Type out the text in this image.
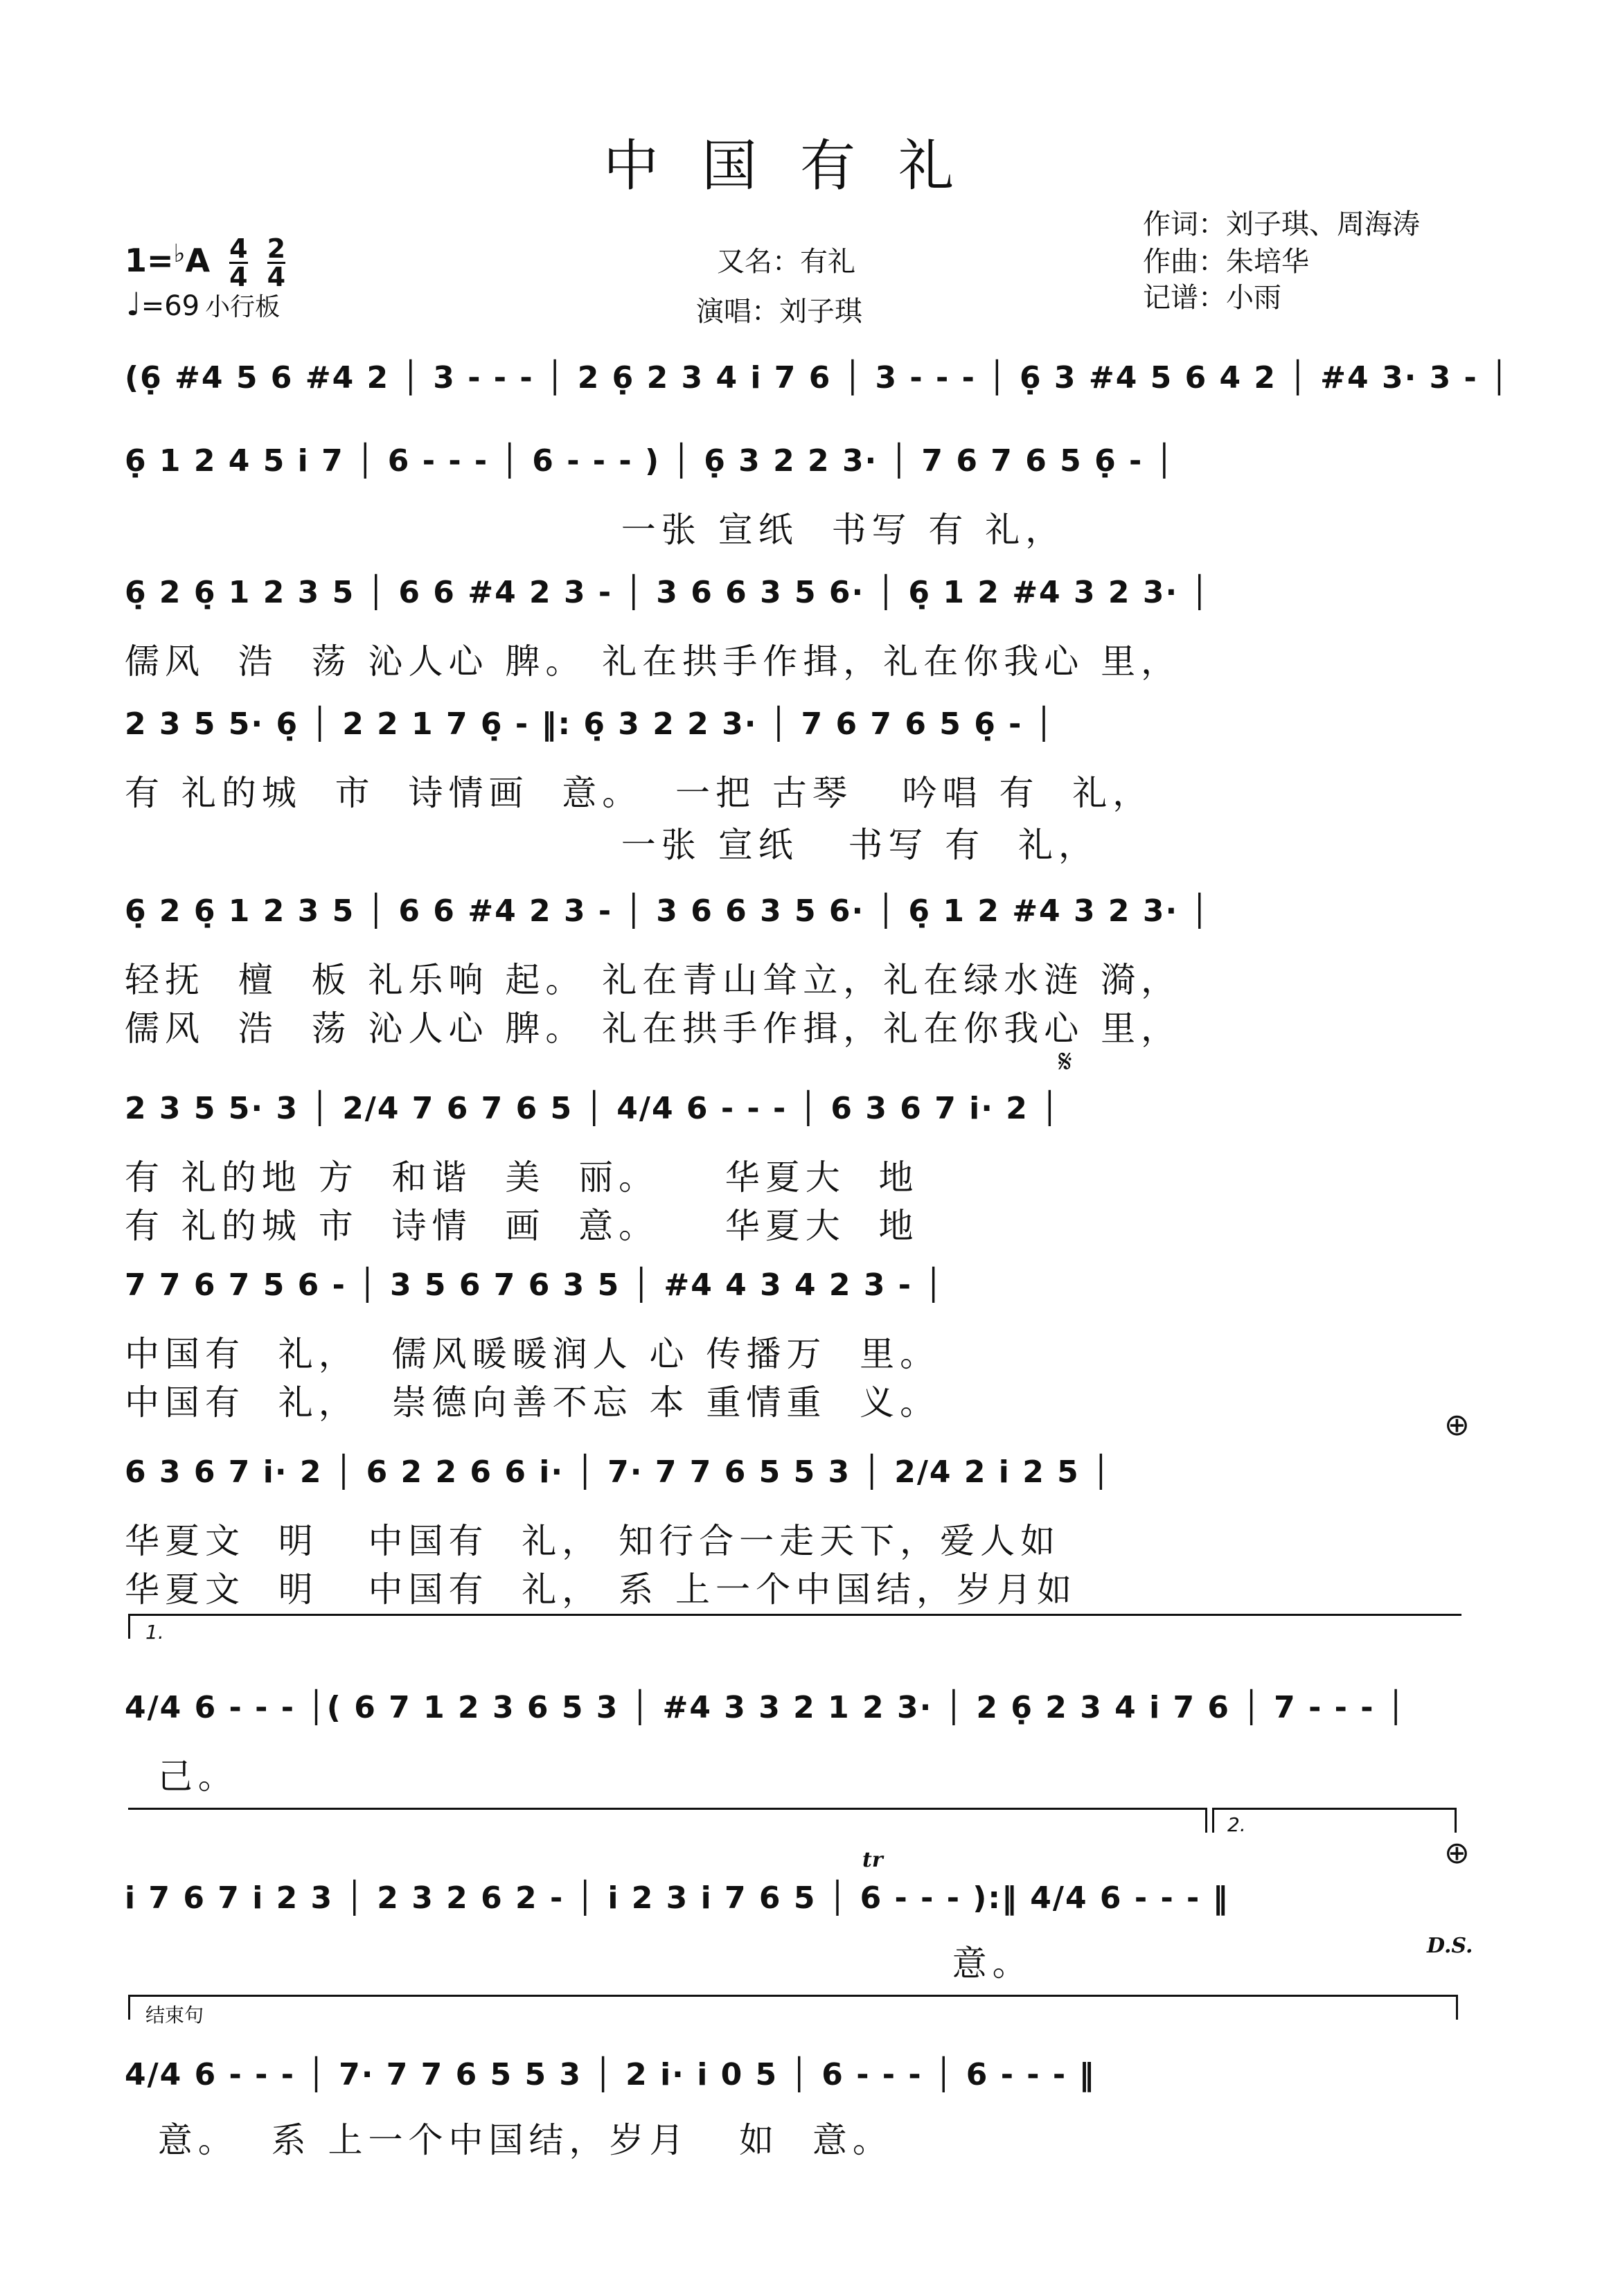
中国有礼
作词：刘子琪、周海涛
作曲：朱培华
记谱：小雨
又名：有礼
演唱：刘子琪
$1=^♭A \frac{4}{4}$
$\frac{2}{4}$
♩=69 小行板
(6̣ #4 5 6 #4 2 │ 3 - - - │ 2 6̣ 2 3 4 i 7 6 │ 3 - - - │ 6̣ 3 #4 5 6 4 2 │ #4 3· 3 - │
6̣ 1 2 4 5 i 7 │ 6 - - - │ 6 - - - ) │ 6̣ 3 2 2 3· │ 7 6 7 6 5 6̣ - │
一张 宣纸  书写 有 礼，
6̣ 2 6̣ 1 2 3 5 │ 6 6 #4 2 3 - │ 3 6 6 3 5 6· │ 6̣ 1 2 #4 3 2 3· │
儒风  浩  荡 沁人心 脾。 礼在拱手作揖，礼在你我心 里，
2 3 5 5· 6̣ │ 2 2 1 7 6̣ - ‖: 6̣ 3 2 2 3· │ 7 6 7 6 5 6̣ - │
有 礼的城  市  诗情画  意。  一把 古琴   吟唱 有  礼，
一张 宣纸   书写 有  礼，
6̣ 2 6̣ 1 2 3 5 │ 6 6 #4 2 3 - │ 3 6 6 3 5 6· │ 6̣ 1 2 #4 3 2 3· │
轻抚  檀  板 礼乐响 起。 礼在青山耸立，礼在绿水涟 漪，
儒风  浩  荡 沁人心 脾。 礼在拱手作揖，礼在你我心 里，
𝄋
2 3 5 5· 3 │ 2/4 7 6 7 6 5 │ 4/4 6 - - - │ 6 3 6 7 i· 2 │
有 礼的地 方  和谐  美  丽。    华夏大  地
有 礼的城 市  诗情  画  意。    华夏大  地
7 7 6 7 5 6 - │ 3 5 6 7 6 3 5 │ #4 4 3 4 2 3 - │
中国有  礼，  儒风暖暖润人 心 传播万  里。
中国有  礼，  崇德向善不忘 本 重情重  义。
⊕
6 3 6 7 i· 2 │ 6 2 2 6 6 i· │ 7· 7 7 6 5 5 3 │ 2/4 2 i 2 5 │
华夏文  明   中国有  礼， 知行合一走天下，爱人如
华夏文  明   中国有  礼， 系 上一个中国结，岁月如
1.
4/4 6 - - - │( 6 7 1 2 3 6 5 3 │ #4 3 3 2 1 2 3· │ 2 6̣ 2 3 4 i 7 6 │ 7 - - - │
己。
2.
⊕
tr
i 7 6 7 i 2 3 │ 2 3 2 6 2 - │ i 2 3 i 7 6 5 │ 6 - - - ):‖ 4/4 6 - - - ‖
意。	D.S.
结束句
4/4 6 - - - │ 7· 7 7 6 5 5 3 │ 2 i· i 0 5 │ 6 - - - │ 6 - - - ‖
意。  系 上一个中国结，岁月   如  意。
